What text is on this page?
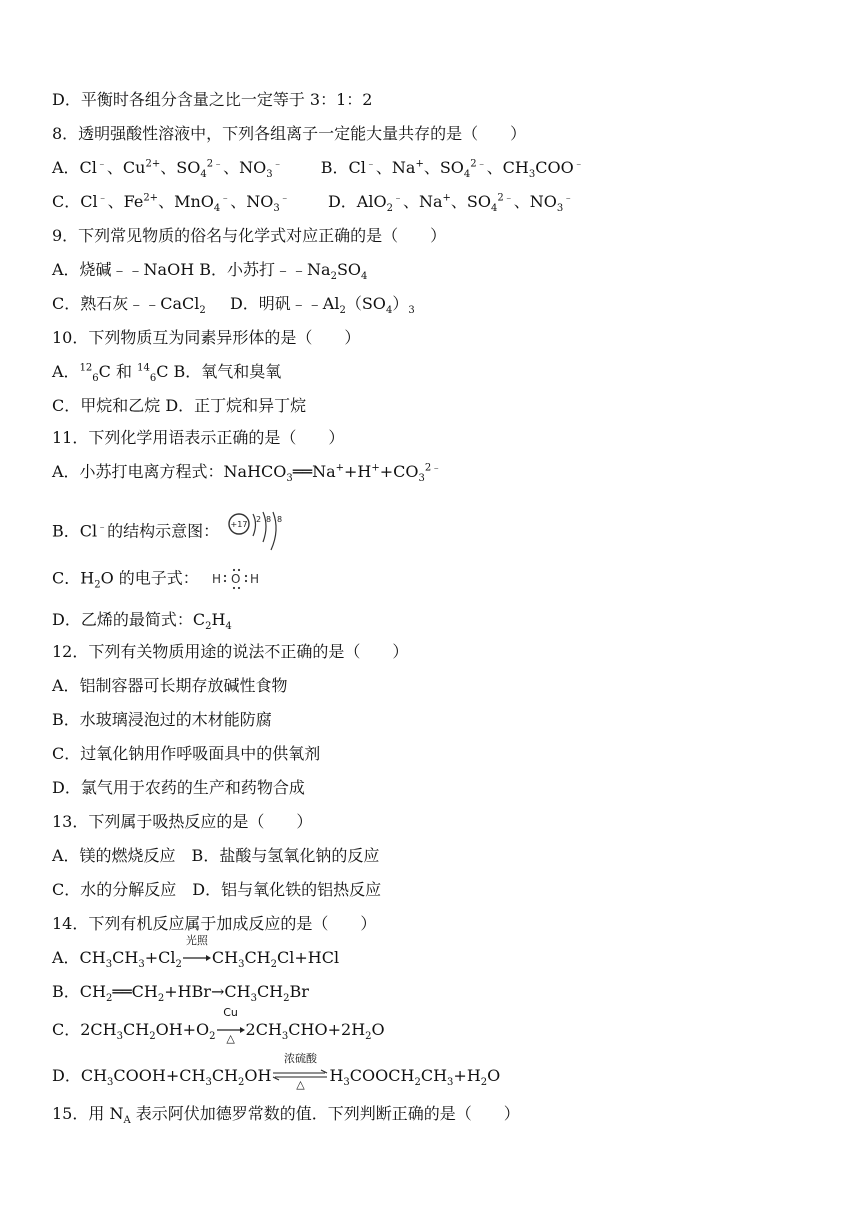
D．平衡时各组分含量之比一定等于 3：1：2
8．透明强酸性溶液中，下列各组离子一定能大量共存的是（　　）
A．Cl﹣、$Cu^{2+}$、$SO_4^{2﹣}$、$NO_3^﹣$ B．Cl﹣、Na+、$SO_4^{2﹣}$、$CH_3COO^﹣$
C．Cl﹣、$Fe^{2+}$、MnO$_4$﹣、$NO_3^﹣$ D．AlO$_2$﹣、Na+、$SO_4^{2﹣}$、$NO_3^﹣$
9．下列常见物质的俗名与化学式对应正确的是（　　）
A．烧碱﹣﹣NaOH B．小苏打$﹣﹣Na_2SO_4$
C．熟石灰﹣﹣CaCl$_2$ D．明矾$﹣﹣Al_2(SO_4)_3$
10．下列物质互为同素异形体的是（　　）
A．$^{12}_6$C 和 $^{14}_6$C B．氧气和臭氧
C．甲烷和乙烷 D．正丁烷和异丁烷
11．下列化学用语表示正确的是（　　）
A．小苏打电离方程式：$NaHCO_3══Na^++H^++CO_3^{2﹣}$
B．Cl﹣的结构示意图： +17
2 8 8
C．$H_2O$ 的电子式： H O H
D．乙烯的最简式：$C_2H_4$
12．下列有关物质用途的说法不正确的是（　　）
A．铝制容器可长期存放碱性食物
B．水玻璃浸泡过的木材能防腐
C．过氧化钠用作呼吸面具中的供氧剂
D．氯气用于农药的生产和药物合成
13．下列属于吸热反应的是（　　）
A．镁的燃烧反应　B．盐酸与氢氧化钠的反应
C．水的分解反应　D．铝与氧化铁的铝热反应
14．下列有机反应属于加成反应的是（　　）
A．$CH_3CH_3+Cl_2$
光照
$CH_3CH_2Cl+HCl$
B．$CH_2══CH_2+HBr\to CH_3CH_2Br$
C．$2CH_3CH_2OH+O_2$
Cu
△ $2CH_3CHO+2H_2O$
D．$CH_3COOH+CH_3CH_2OH$
浓硫酸
△	$H_3COOCH_2CH_3+H_2O$
15．用 $N_A$ 表示阿伏加德罗常数的值．下列判断正确的是（　　）
